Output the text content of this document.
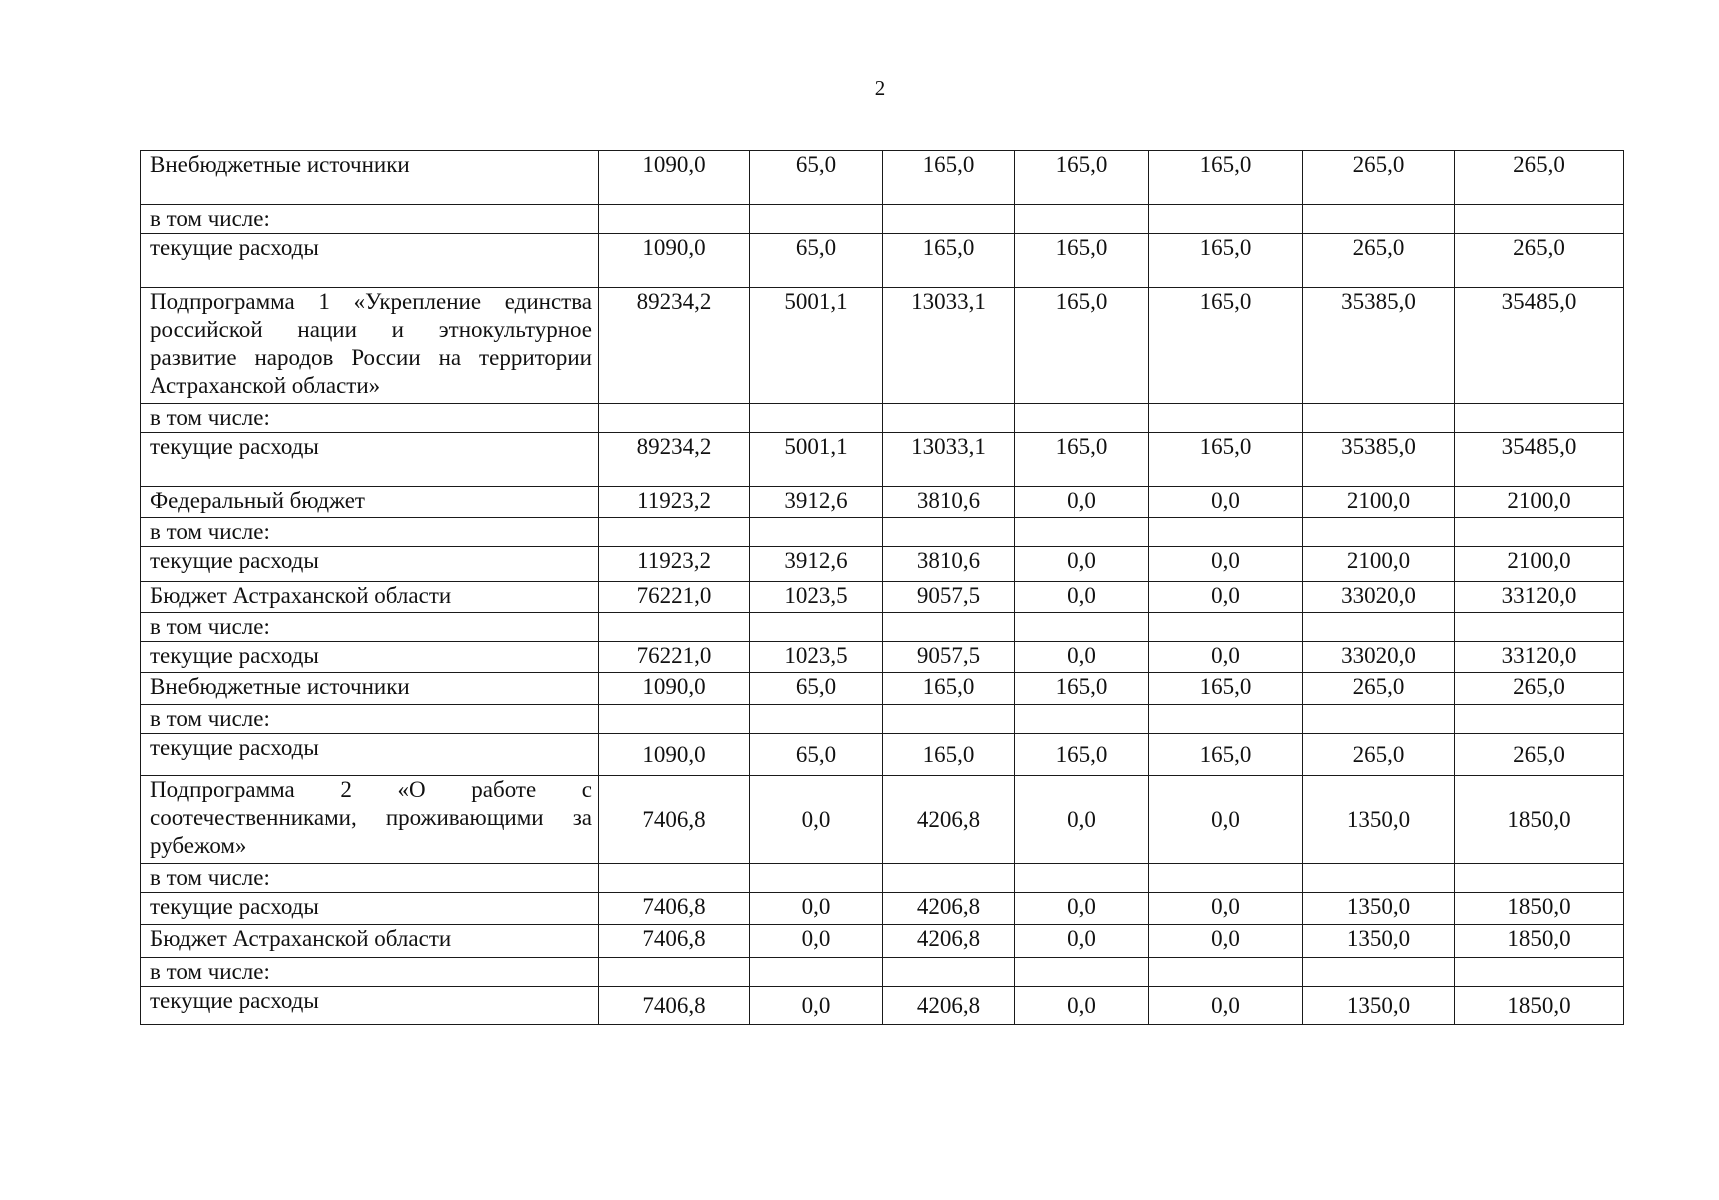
2
Внебюджетные источники	1090,0	65,0	165,0	165,0	165,0	265,0	265,0
в том числе:							
текущие расходы	1090,0	65,0	165,0	165,0	165,0	265,0	265,0
Подпрограмма 1 «Укрепление единства российской нации и этнокультурное развитие народов России на территории Астраханской области»	89234,2	5001,1	13033,1	165,0	165,0	35385,0	35485,0
в том числе:							
текущие расходы	89234,2	5001,1	13033,1	165,0	165,0	35385,0	35485,0
Федеральный бюджет	11923,2	3912,6	3810,6	0,0	0,0	2100,0	2100,0
в том числе:							
текущие расходы	11923,2	3912,6	3810,6	0,0	0,0	2100,0	2100,0
Бюджет Астраханской области	76221,0	1023,5	9057,5	0,0	0,0	33020,0	33120,0
в том числе:							
текущие расходы	76221,0	1023,5	9057,5	0,0	0,0	33020,0	33120,0
Внебюджетные источники	1090,0	65,0	165,0	165,0	165,0	265,0	265,0
в том числе:							
текущие расходы	1090,0	65,0	165,0	165,0	165,0	265,0	265,0
Подпрограмма 2 «О работе с соотечественниками, проживающими за рубежом»	7406,8	0,0	4206,8	0,0	0,0	1350,0	1850,0
в том числе:							
текущие расходы	7406,8	0,0	4206,8	0,0	0,0	1350,0	1850,0
Бюджет Астраханской области	7406,8	0,0	4206,8	0,0	0,0	1350,0	1850,0
в том числе:							
текущие расходы	7406,8	0,0	4206,8	0,0	0,0	1350,0	1850,0
